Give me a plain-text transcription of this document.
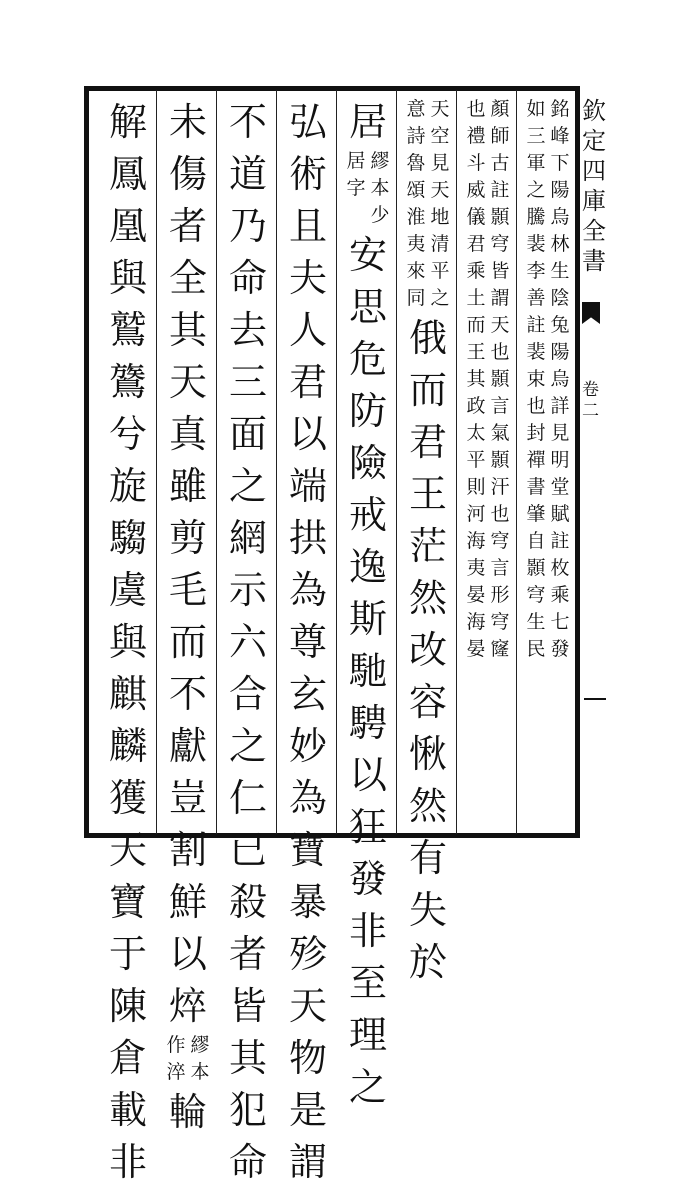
欽
定
四
庫
全
書
卷
二
銘
如
峰
三
下
軍
陽
之
烏
騰
林
裴
生
李
陰
善
兔
註
陽
裴
烏
束
詳
也
見
封
明
禪
堂
書
賦
肇
註
自
枚
顥
乘
穹
七
生
發
民
顏
也
師
禮
古
斗
註
威
顥
儀
穹
君
皆
乘
謂
土
天
而
也
王
顥
其
言
政
氣
太
顥
平
汗
則
也
河
穹
海
言
夷
形
晏
穹
海
窿
晏
天
意
空
詩
見
魯
天
頌
地
淮
清
夷
平
來
之
同
俄
而
君
王
茫
然
改
容
愀
然
有
失
於
居
繆
居
本
字
少
安
思
危
防
險
戒
逸
斯
馳
騁
以
狂
發
非
至
理
之
弘
術
且
夫
人
君
以
端
拱
為
尊
玄
妙
為
寶
暴
殄
天
物
是
謂
不
道
乃
命
去
三
面
之
網
示
六
合
之
仁
已
殺
者
皆
其
犯
命
未
傷
者
全
其
天
真
雖
剪
毛
而
不
獻
豈
割
鮮
以
焠
繆
作
本
淬
輪
解
鳳
凰
與
鷲
鷟
兮
旋
騶
虞
與
麒
麟
獲
天
寶
于
陳
倉
載
非
